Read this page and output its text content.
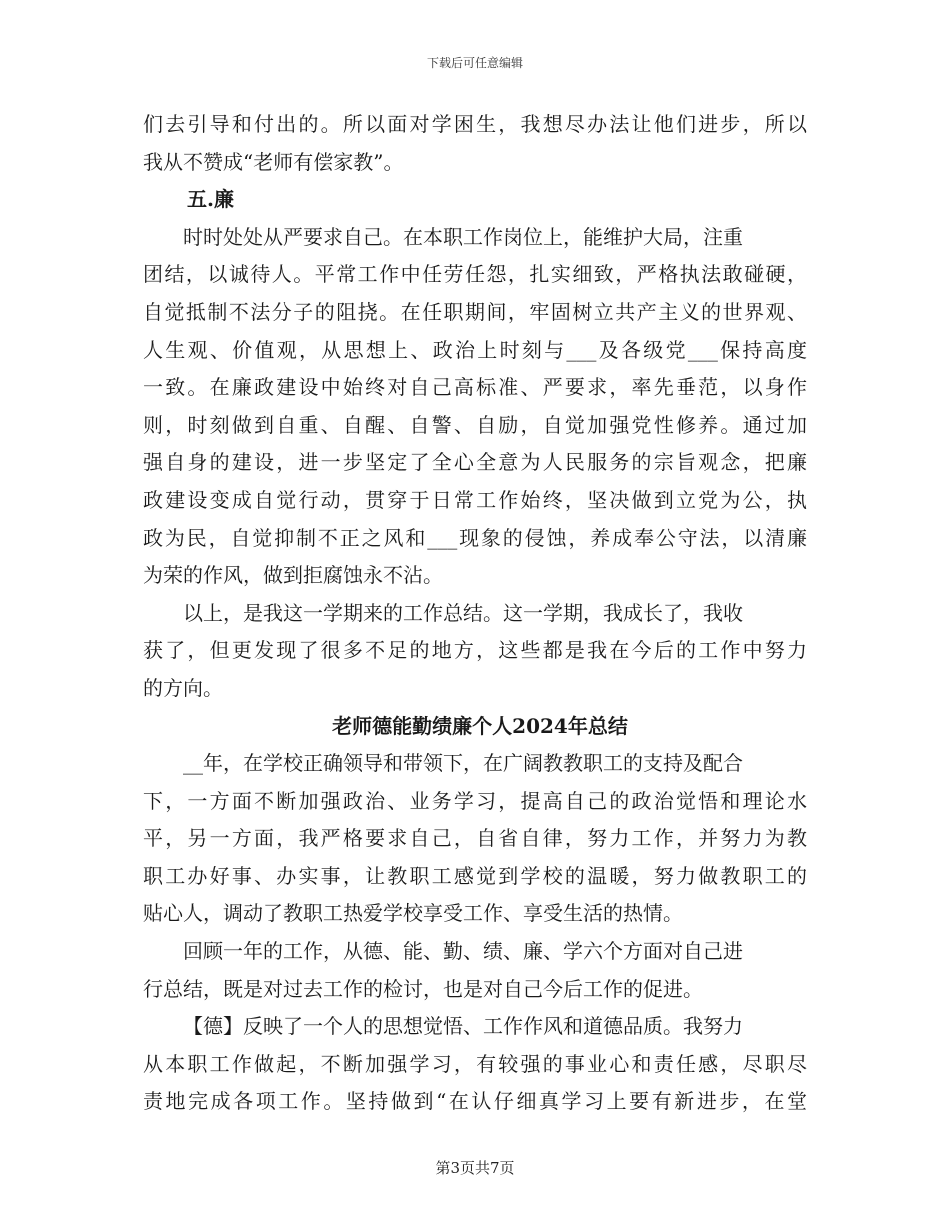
下载后可任意编辑
们去引导和付出的。所以面对学困生，我想尽办法让他们进步，所以
我从不赞成“老师有偿家教”。
五.廉
时时处处从严要求自己。在本职工作岗位上，能维护大局，注重
团结，以诚待人。平常工作中任劳任怨，扎实细致，严格执法敢碰硬，
自觉抵制不法分子的阻挠。在任职期间，牢固树立共产主义的世界观、
人生观、价值观，从思想上、政治上时刻与___及各级党___保持高度
一致。在廉政建设中始终对自己高标准、严要求，率先垂范，以身作
则，时刻做到自重、自醒、自警、自励，自觉加强党性修养。通过加
强自身的建设，进一步坚定了全心全意为人民服务的宗旨观念，把廉
政建设变成自觉行动，贯穿于日常工作始终，坚决做到立党为公，执
政为民，自觉抑制不正之风和___现象的侵蚀，养成奉公守法，以清廉
为荣的作风，做到拒腐蚀永不沾。
以上，是我这一学期来的工作总结。这一学期，我成长了，我收
获了，但更发现了很多不足的地方，这些都是我在今后的工作中努力
的方向。
老师德能勤绩廉个人2024年总结
__年，在学校正确领导和带领下，在广阔教教职工的支持及配合
下，一方面不断加强政治、业务学习，提高自己的政治觉悟和理论水
平，另一方面，我严格要求自己，自省自律，努力工作，并努力为教
职工办好事、办实事，让教职工感觉到学校的温暖，努力做教职工的
贴心人，调动了教职工热爱学校享受工作、享受生活的热情。
回顾一年的工作，从德、能、勤、绩、廉、学六个方面对自己进
行总结，既是对过去工作的检讨，也是对自己今后工作的促进。
【德】反映了一个人的思想觉悟、工作作风和道德品质。我努力
从本职工作做起，不断加强学习，有较强的事业心和责任感，尽职尽
责地完成各项工作。坚持做到“在认仔细真学习上要有新进步，在堂
第3页共7页
